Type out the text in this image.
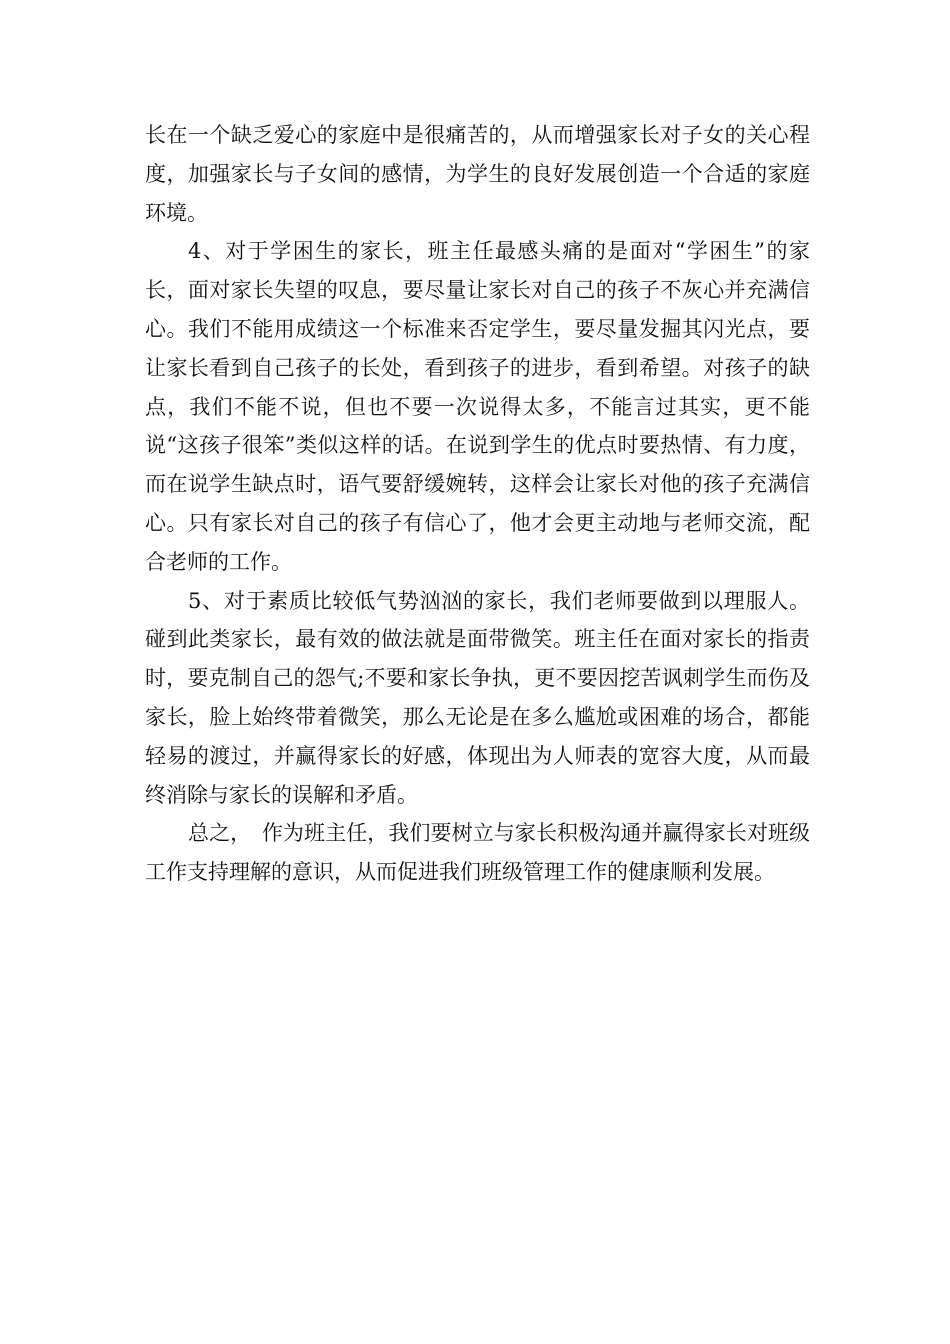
长在一个缺乏爱心的家庭中是很痛苦的，从而增强家长对子女的关心程度，加强家长与子女间的感情，为学生的良好发展创造一个合适的家庭环境。

4、对于学困生的家长，班主任最感头痛的是面对“学困生”的家长，面对家长失望的叹息，要尽量让家长对自己的孩子不灰心并充满信心。我们不能用成绩这一个标准来否定学生，要尽量发掘其闪光点，要让家长看到自己孩子的长处，看到孩子的进步，看到希望。对孩子的缺点，我们不能不说，但也不要一次说得太多，不能言过其实，更不能说“这孩子很笨”类似这样的话。在说到学生的优点时要热情、有力度，而在说学生缺点时，语气要舒缓婉转，这样会让家长对他的孩子充满信心。只有家长对自己的孩子有信心了，他才会更主动地与老师交流，配合老师的工作。

5、对于素质比较低气势汹汹的家长，我们老师要做到以理服人。碰到此类家长，最有效的做法就是面带微笑。班主任在面对家长的指责时，要克制自己的怨气;不要和家长争执，更不要因挖苦讽刺学生而伤及家长，脸上始终带着微笑，那么无论是在多么尴尬或困难的场合，都能轻易的渡过，并赢得家长的好感，体现出为人师表的宽容大度，从而最终消除与家长的误解和矛盾。

总之，　作为班主任，我们要树立与家长积极沟通并赢得家长对班级工作支持理解的意识，从而促进我们班级管理工作的健康顺利发展。
